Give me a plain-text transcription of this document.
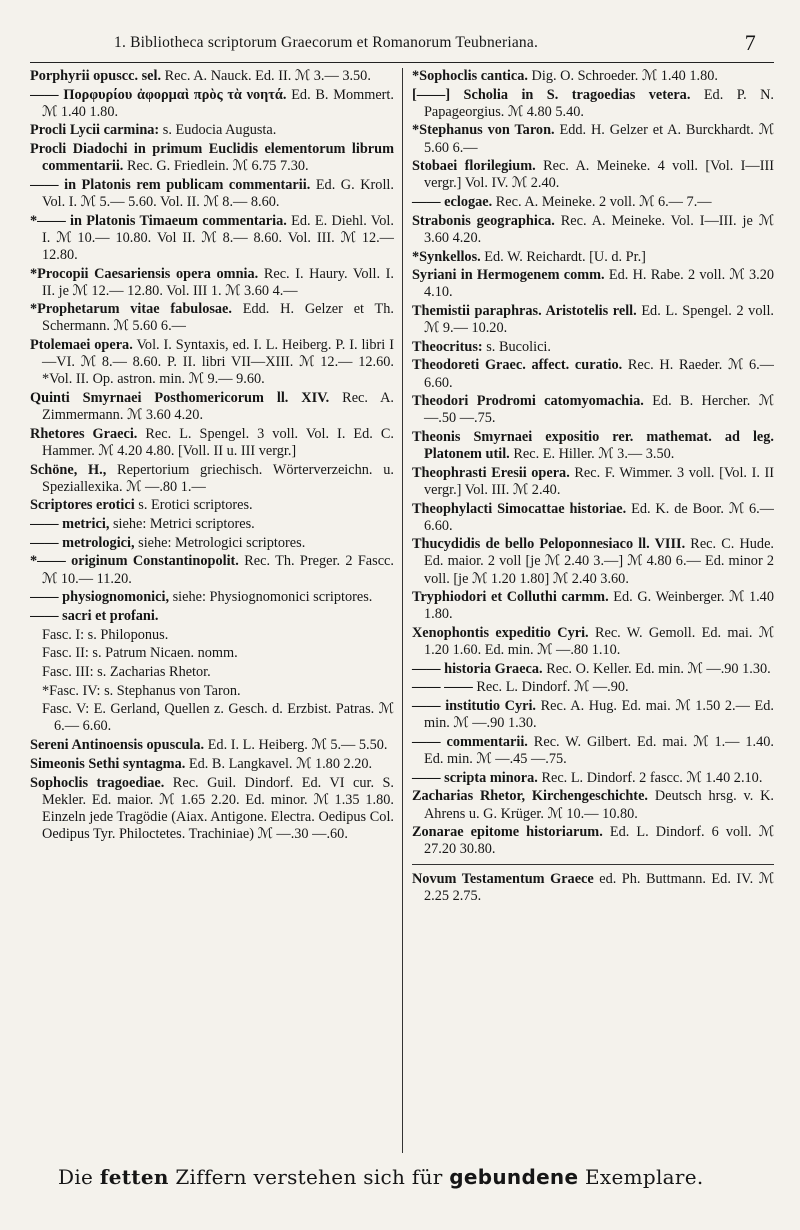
1. Bibliotheca scriptorum Graecorum et Romanorum Teubneriana.	7
Porphyrii opuscc. sel. Rec. A. Nauck. Ed. II. ℳ 3.— 3.50.
—— Πορφυρίου ἀφορμαὶ πρὸς τὰ νοητά. Ed. B. Mommert. ℳ 1.40 1.80.
Procli Lycii carmina: s. Eudocia Augusta.
Procli Diadochi in primum Euclidis elementorum librum commentarii. Rec. G. Friedlein. ℳ 6.75 7.30.
—— in Platonis rem publicam commentarii. Ed. G. Kroll. Vol. I. ℳ 5.— 5.60. Vol. II. ℳ 8.— 8.60.
*—— in Platonis Timaeum commentaria. Ed. E. Diehl. Vol. I. ℳ 10.— 10.80. Vol II. ℳ 8.— 8.60. Vol. III. ℳ 12.— 12.80.
*Procopii Caesariensis opera omnia. Rec. I. Haury. Voll. I. II. je ℳ 12.— 12.80. Vol. III 1. ℳ 3.60 4.—
*Prophetarum vitae fabulosae. Edd. H. Gelzer et Th. Schermann. ℳ 5.60 6.—
Ptolemaei opera. Vol. I. Syntaxis, ed. I. L. Heiberg. P. I. libri I—VI. ℳ 8.— 8.60. P. II. libri VII—XIII. ℳ 12.— 12.60. *Vol. II. Op. astron. min. ℳ 9.— 9.60.
Quinti Smyrnaei Posthomericorum ll. XIV. Rec. A. Zimmermann. ℳ 3.60 4.20.
Rhetores Graeci. Rec. L. Spengel. 3 voll. Vol. I. Ed. C. Hammer. ℳ 4.20 4.80. [Voll. II u. III vergr.]
Schöne, H., Repertorium griechisch. Wörterverzeichn. u. Speziallexika. ℳ —.80 1.—
Scriptores erotici s. Erotici scriptores.
—— metrici, siehe: Metrici scriptores.
—— metrologici, siehe: Metrologici scriptores.
*—— originum Constantinopolit. Rec. Th. Preger. 2 Fascc. ℳ 10.— 11.20.
—— physiognomonici, siehe: Physiognomonici scriptores.
—— sacri et profani.
Fasc. I: s. Philoponus.
Fasc. II: s. Patrum Nicaen. nomm.
Fasc. III: s. Zacharias Rhetor.
*Fasc. IV: s. Stephanus von Taron.
Fasc. V: E. Gerland, Quellen z. Gesch. d. Erzbist. Patras. ℳ 6.— 6.60.
Sereni Antinoensis opuscula. Ed. I. L. Heiberg. ℳ 5.— 5.50.
Simeonis Sethi syntagma. Ed. B. Langkavel. ℳ 1.80 2.20.
Sophoclis tragoediae. Rec. Guil. Dindorf. Ed. VI cur. S. Mekler. Ed. maior. ℳ 1.65 2.20. Ed. minor. ℳ 1.35 1.80. Einzeln jede Tragödie (Aiax. Antigone. Electra. Oedipus Col. Oedipus Tyr. Philoctetes. Trachiniae) ℳ —.30 —.60.
*Sophoclis cantica. Dig. O. Schroeder. ℳ 1.40 1.80.
[——] Scholia in S. tragoedias vetera. Ed. P. N. Papageorgius. ℳ 4.80 5.40.
*Stephanus von Taron. Edd. H. Gelzer et A. Burckhardt. ℳ 5.60 6.—
Stobaei florilegium. Rec. A. Meineke. 4 voll. [Vol. I—III vergr.] Vol. IV. ℳ 2.40.
—— eclogae. Rec. A. Meineke. 2 voll. ℳ 6.— 7.—
Strabonis geographica. Rec. A. Meineke. Vol. I—III. je ℳ 3.60 4.20.
*Synkellos. Ed. W. Reichardt. [U. d. Pr.]
Syriani in Hermogenem comm. Ed. H. Rabe. 2 voll. ℳ 3.20 4.10.
Themistii paraphras. Aristotelis rell. Ed. L. Spengel. 2 voll. ℳ 9.— 10.20.
Theocritus: s. Bucolici.
Theodoreti Graec. affect. curatio. Rec. H. Raeder. ℳ 6.— 6.60.
Theodori Prodromi catomyomachia. Ed. B. Hercher. ℳ —.50 —.75.
Theonis Smyrnaei expositio rer. mathemat. ad leg. Platonem util. Rec. E. Hiller. ℳ 3.— 3.50.
Theophrasti Eresii opera. Rec. F. Wimmer. 3 voll. [Vol. I. II vergr.] Vol. III. ℳ 2.40.
Theophylacti Simocattae historiae. Ed. K. de Boor. ℳ 6.— 6.60.
Thucydidis de bello Peloponnesiaco ll. VIII. Rec. C. Hude. Ed. maior. 2 voll [je ℳ 2.40 3.—] ℳ 4.80 6.— Ed. minor 2 voll. [je ℳ 1.20 1.80] ℳ 2.40 3.60.
Tryphiodori et Colluthi carmm. Ed. G. Weinberger. ℳ 1.40 1.80.
Xenophontis expeditio Cyri. Rec. W. Gemoll. Ed. mai. ℳ 1.20 1.60. Ed. min. ℳ —.80 1.10.
—— historia Graeca. Rec. O. Keller. Ed. min. ℳ —.90 1.30.
—— —— Rec. L. Dindorf. ℳ —.90.
—— institutio Cyri. Rec. A. Hug. Ed. mai. ℳ 1.50 2.— Ed. min. ℳ —.90 1.30.
—— commentarii. Rec. W. Gilbert. Ed. mai. ℳ 1.— 1.40. Ed. min. ℳ —.45 —.75.
—— scripta minora. Rec. L. Dindorf. 2 fascc. ℳ 1.40 2.10.
Zacharias Rhetor, Kirchengeschichte. Deutsch hrsg. v. K. Ahrens u. G. Krüger. ℳ 10.— 10.80.
Zonarae epitome historiarum. Ed. L. Dindorf. 6 voll. ℳ 27.20 30.80.
Novum Testamentum Graece ed. Ph. Buttmann. Ed. IV. ℳ 2.25 2.75.
Die fetten Ziffern verstehen sich für gebundene Exemplare.
